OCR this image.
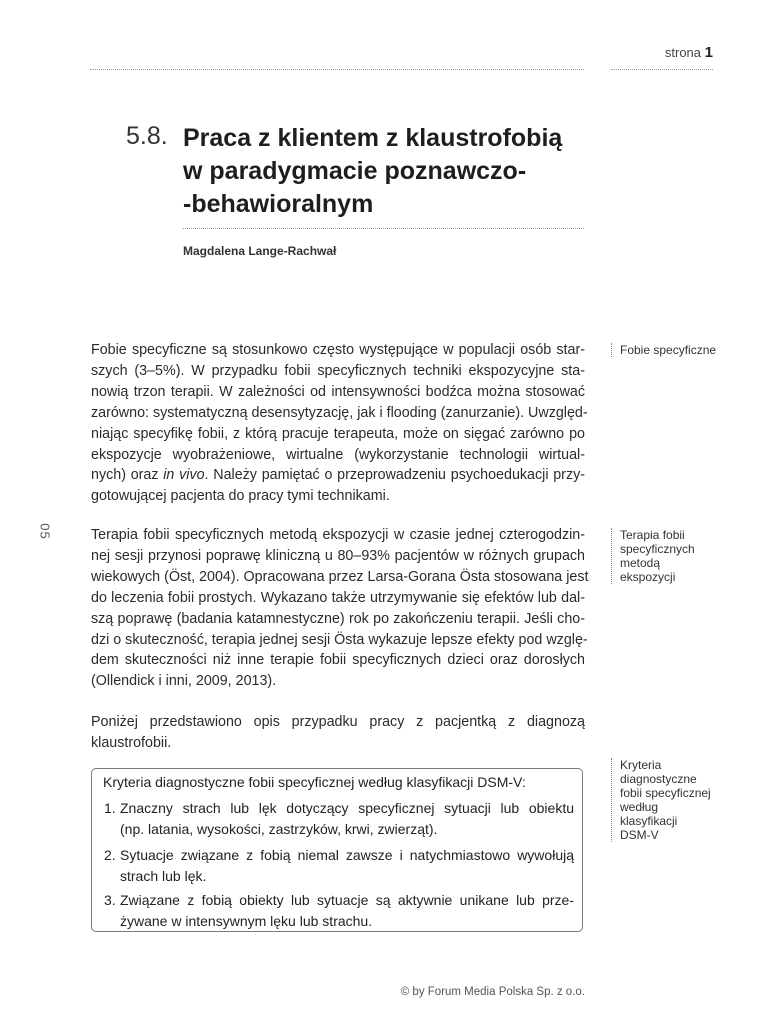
strona 1
5.8. Praca z klientem z klaustrofobią
w paradygmacie poznawczo-
-behawioralnym
Magdalena Lange-Rachwał
05
Fobie specyficzne są stosunkowo często występujące w populacji osób star-
szych (3–5%). W przypadku fobii specyficznych techniki ekspozycyjne sta-
nowią trzon terapii. W zależności od intensywności bodźca można stosować
zarówno: systematyczną desensytyzację, jak i flooding (zanurzanie). Uwzględ-
niając specyfikę fobii, z którą pracuje terapeuta, może on sięgać zarówno po
ekspozycje wyobrażeniowe, wirtualne (wykorzystanie technologii wirtual-
nych) oraz in vivo. Należy pamiętać o przeprowadzeniu psychoedukacji przy-
gotowującej pacjenta do pracy tymi technikami.
Terapia fobii specyficznych metodą ekspozycji w czasie jednej czterogodzin-
nej sesji przynosi poprawę kliniczną u 80–93% pacjentów w różnych grupach
wiekowych (Öst, 2004). Opracowana przez Larsa-Gorana Östa stosowana jest
do leczenia fobii prostych. Wykazano także utrzymywanie się efektów lub dal-
szą poprawę (badania katamnestyczne) rok po zakończeniu terapii. Jeśli cho-
dzi o skuteczność, terapia jednej sesji Östa wykazuje lepsze efekty pod wzglę-
dem skuteczności niż inne terapie fobii specyficznych dzieci oraz dorosłych
(Ollendick i inni, 2009, 2013).
Poniżej przedstawiono opis przypadku pracy z pacjentką z diagnozą
klaustrofobii.
Fobie specyficzne
Terapia fobii
specyficznych
metodą
ekspozycji
Kryteria
diagnostyczne
fobii specyficznej
według
klasyfikacji
DSM-V
Kryteria diagnostyczne fobii specyficznej według klasyfikacji DSM-V:
1. Znaczny strach lub lęk dotyczący specyficznej sytuacji lub obiektu
(np. latania, wysokości, zastrzyków, krwi, zwierząt).
2. Sytuacje związane z fobią niemal zawsze i natychmiastowo wywołują
strach lub lęk.
3. Związane z fobią obiekty lub sytuacje są aktywnie unikane lub prze-
żywane w intensywnym lęku lub strachu.
© by Forum Media Polska Sp. z o.o.
